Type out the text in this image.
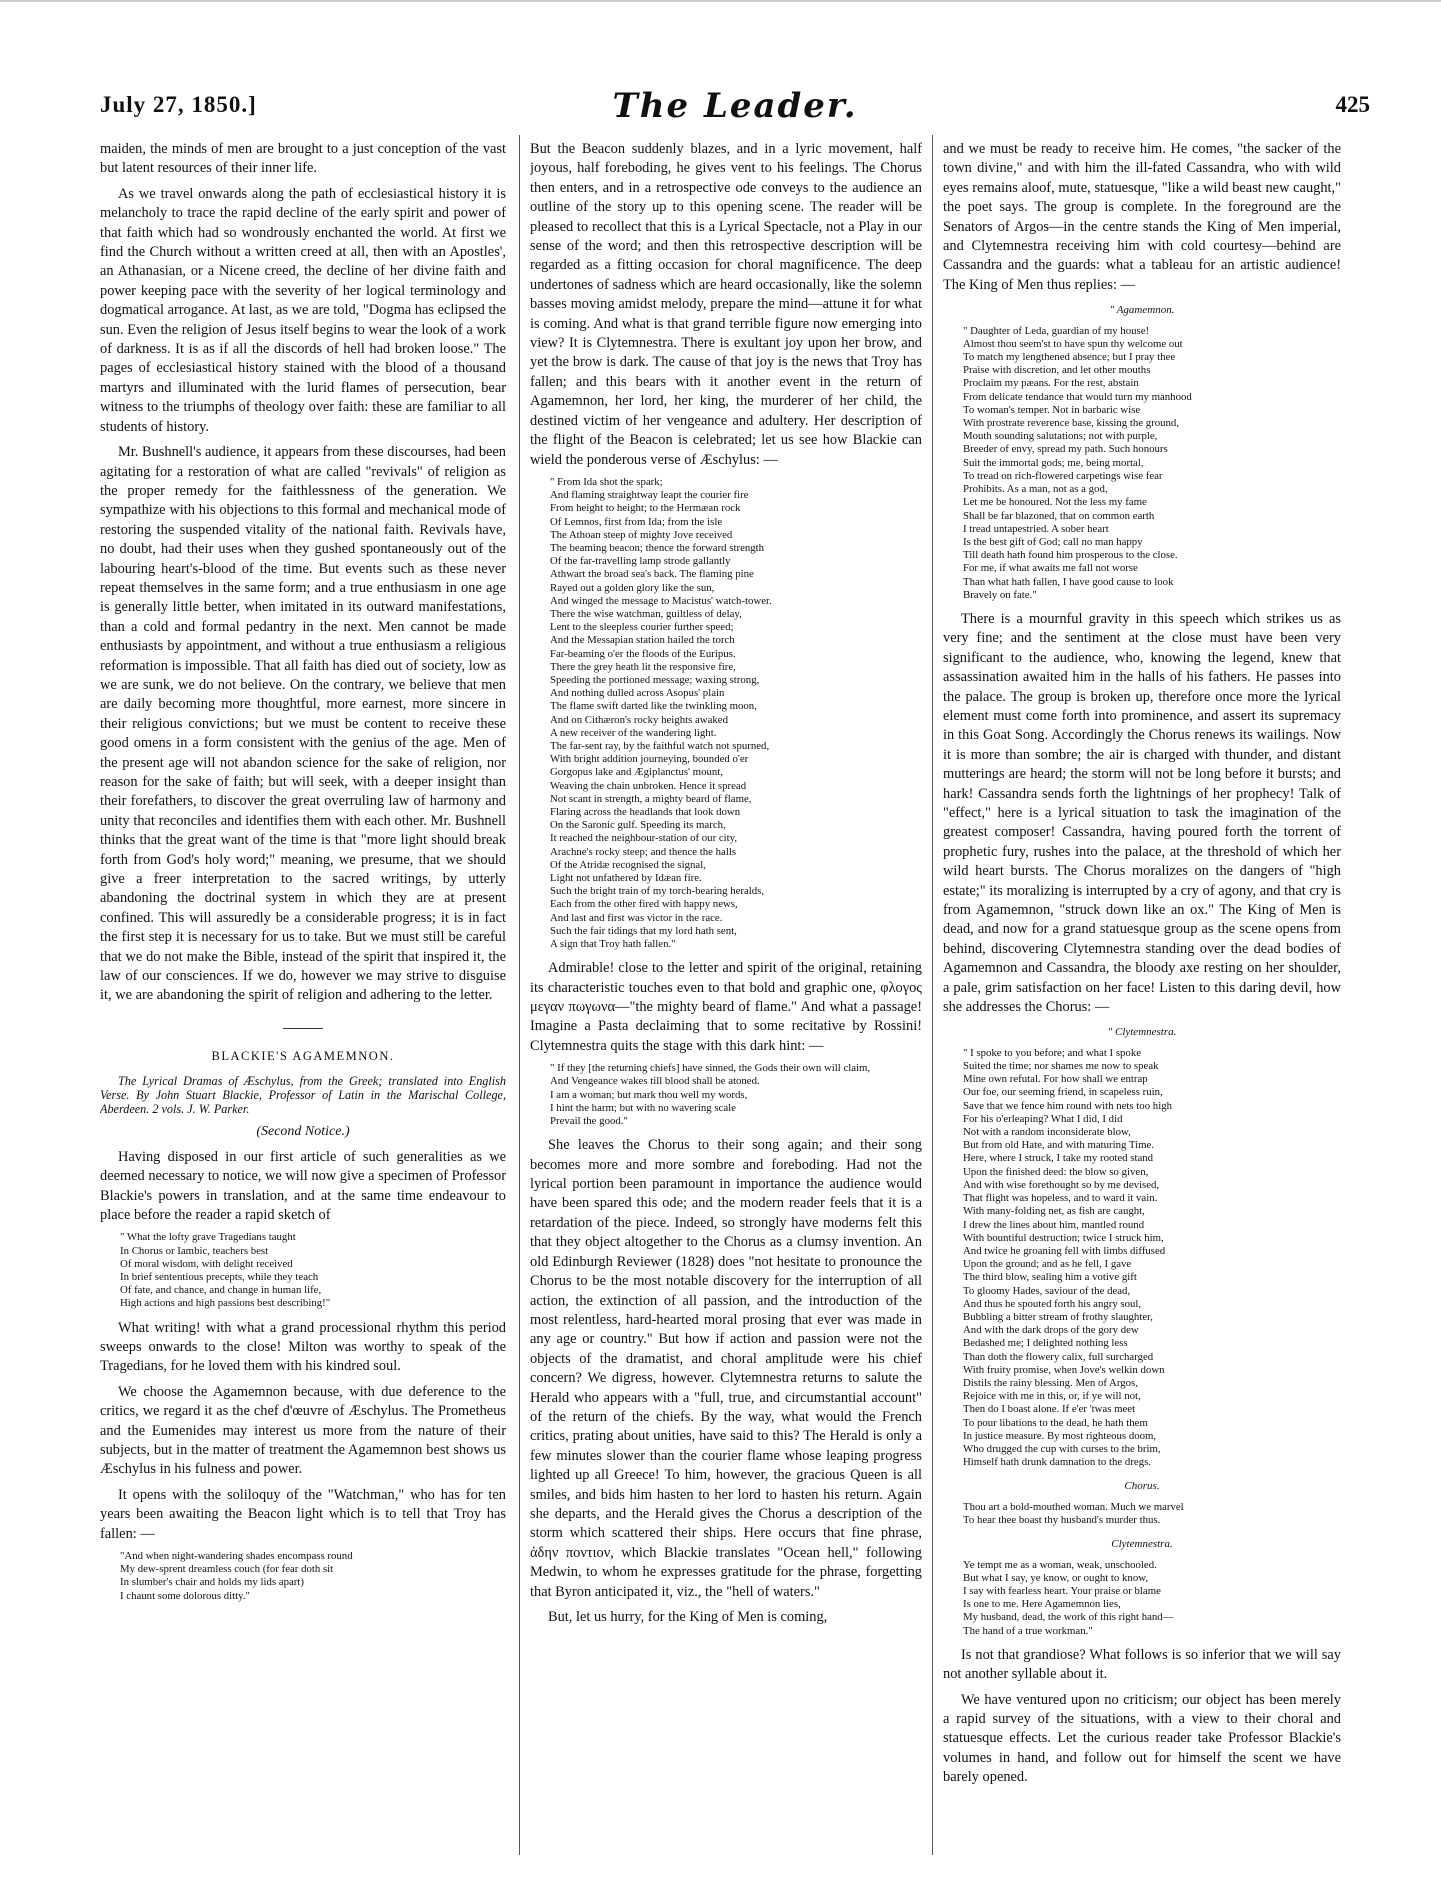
July 27, 1850.]	The Leader.	425

maiden, the minds of men are brought to a just conception of the vast but latent resources of their inner life.

As we travel onwards along the path of ecclesiastical history it is melancholy to trace the rapid decline of the early spirit and power of that faith which had so wondrously enchanted the world. At first we find the Church without a written creed at all, then with an Apostles', an Athanasian, or a Nicene creed, the decline of her divine faith and power keeping pace with the severity of her logical terminology and dogmatical arrogance. At last, as we are told, "Dogma has eclipsed the sun. Even the religion of Jesus itself begins to wear the look of a work of darkness. It is as if all the discords of hell had broken loose." The pages of ecclesiastical history stained with the blood of a thousand martyrs and illuminated with the lurid flames of persecution, bear witness to the triumphs of theology over faith: these are familiar to all students of history.

Mr. Bushnell's audience, it appears from these discourses, had been agitating for a restoration of what are called "revivals" of religion as the proper remedy for the faithlessness of the generation. We sympathize with his objections to this formal and mechanical mode of restoring the suspended vitality of the national faith. Revivals have, no doubt, had their uses when they gushed spontaneously out of the labouring heart's-blood of the time. But events such as these never repeat themselves in the same form; and a true enthusiasm in one age is generally little better, when imitated in its outward manifestations, than a cold and formal pedantry in the next. Men cannot be made enthusiasts by appointment, and without a true enthusiasm a religious reformation is impossible. That all faith has died out of society, low as we are sunk, we do not believe. On the contrary, we believe that men are daily becoming more thoughtful, more earnest, more sincere in their religious convictions; but we must be content to receive these good omens in a form consistent with the genius of the age. Men of the present age will not abandon science for the sake of religion, nor reason for the sake of faith; but will seek, with a deeper insight than their forefathers, to discover the great overruling law of harmony and unity that reconciles and identifies them with each other. Mr. Bushnell thinks that the great want of the time is that "more light should break forth from God's holy word;" meaning, we presume, that we should give a freer interpretation to the sacred writings, by utterly abandoning the doctrinal system in which they are at present confined. This will assuredly be a considerable progress; it is in fact the first step it is necessary for us to take. But we must still be careful that we do not make the Bible, instead of the spirit that inspired it, the law of our consciences. If we do, however we may strive to disguise it, we are abandoning the spirit of religion and adhering to the letter.

BLACKIE'S AGAMEMNON.

The Lyrical Dramas of Æschylus, from the Greek; translated into English Verse. By John Stuart Blackie, Professor of Latin in the Marischal College, Aberdeen. 2 vols. J. W. Parker.

(Second Notice.)

Having disposed in our first article of such generalities as we deemed necessary to notice, we will now give a specimen of Professor Blackie's powers in translation, and at the same time endeavour to place before the reader a rapid sketch of

" What the lofty grave Tragedians taught
In Chorus or Iambic, teachers best
Of moral wisdom, with delight received
In brief sententious precepts, while they teach
Of fate, and chance, and change in human life,
High actions and high passions best describing!"

What writing! with what a grand processional rhythm this period sweeps onwards to the close! Milton was worthy to speak of the Tragedians, for he loved them with his kindred soul.

We choose the Agamemnon because, with due deference to the critics, we regard it as the chef d'œuvre of Æschylus. The Prometheus and the Eumenides may interest us more from the nature of their subjects, but in the matter of treatment the Agamemnon best shows us Æschylus in his fulness and power.

It opens with the soliloquy of the "Watchman," who has for ten years been awaiting the Beacon light which is to tell that Troy has fallen: —

"And when night-wandering shades encompass round
My dew-sprent dreamless couch (for fear doth sit
In slumber's chair and holds my lids apart)
I chaunt some dolorous ditty."

But the Beacon suddenly blazes, and in a lyric movement, half joyous, half foreboding, he gives vent to his feelings. The Chorus then enters, and in a retrospective ode conveys to the audience an outline of the story up to this opening scene. The reader will be pleased to recollect that this is a Lyrical Spectacle, not a Play in our sense of the word; and then this retrospective description will be regarded as a fitting occasion for choral magnificence. The deep undertones of sadness which are heard occasionally, like the solemn basses moving amidst melody, prepare the mind—attune it for what is coming. And what is that grand terrible figure now emerging into view? It is Clytemnestra. There is exultant joy upon her brow, and yet the brow is dark. The cause of that joy is the news that Troy has fallen; and this bears with it another event in the return of Agamemnon, her lord, her king, the murderer of her child, the destined victim of her vengeance and adultery. Her description of the flight of the Beacon is celebrated; let us see how Blackie can wield the ponderous verse of Æschylus: —

" From Ida shot the spark;
And flaming straightway leapt the courier fire
From height to height; to the Hermæan rock
Of Lemnos, first from Ida; from the isle
The Athoan steep of mighty Jove received
The beaming beacon; thence the forward strength
Of the far-travelling lamp strode gallantly
Athwart the broad sea's back. The flaming pine
Rayed out a golden glory like the sun,
And winged the message to Macistus' watch-tower.
There the wise watchman, guiltless of delay,
Lent to the sleepless courier further speed;
And the Messapian station hailed the torch
Far-beaming o'er the floods of the Euripus.
There the grey heath lit the responsive fire,
Speeding the portioned message; waxing strong,
And nothing dulled across Asopus' plain
The flame swift darted like the twinkling moon,
And on Cithæron's rocky heights awaked
A new receiver of the wandering light.
The far-sent ray, by the faithful watch not spurned,
With bright addition journeying, bounded o'er
Gorgopus lake and Ægiplanctus' mount,
Weaving the chain unbroken. Hence it spread
Not scant in strength, a mighty beard of flame,
Flaring across the headlands that look down
On the Saronic gulf. Speeding its march,
It reached the neighbour-station of our city,
Arachne's rocky steep; and thence the halls
Of the Atridæ recognised the signal,
Light not unfathered by Idæan fire.
Such the bright train of my torch-bearing heralds,
Each from the other fired with happy news,
And last and first was victor in the race.
Such the fair tidings that my lord hath sent,
A sign that Troy hath fallen."

Admirable! close to the letter and spirit of the original, retaining its characteristic touches even to that bold and graphic one, φλογος μεγαν πωγωνα—"the mighty beard of flame." And what a passage! Imagine a Pasta declaiming that to some recitative by Rossini! Clytemnestra quits the stage with this dark hint: —

" If they [the returning chiefs] have sinned, the Gods their own will claim,
And Vengeance wakes till blood shall be atoned.
I am a woman; but mark thou well my words,
I hint the harm; but with no wavering scale
Prevail the good."

She leaves the Chorus to their song again; and their song becomes more and more sombre and foreboding. Had not the lyrical portion been paramount in importance the audience would have been spared this ode; and the modern reader feels that it is a retardation of the piece. Indeed, so strongly have moderns felt this that they object altogether to the Chorus as a clumsy invention. An old Edinburgh Reviewer (1828) does "not hesitate to pronounce the Chorus to be the most notable discovery for the interruption of all action, the extinction of all passion, and the introduction of the most relentless, hard-hearted moral prosing that ever was made in any age or country." But how if action and passion were not the objects of the dramatist, and choral amplitude were his chief concern? We digress, however. Clytemnestra returns to salute the Herald who appears with a "full, true, and circumstantial account" of the return of the chiefs. By the way, what would the French critics, prating about unities, have said to this? The Herald is only a few minutes slower than the courier flame whose leaping progress lighted up all Greece! To him, however, the gracious Queen is all smiles, and bids him hasten to her lord to hasten his return. Again she departs, and the Herald gives the Chorus a description of the storm which scattered their ships. Here occurs that fine phrase, ἀδην ποντιον, which Blackie translates "Ocean hell," following Medwin, to whom he expresses gratitude for the phrase, forgetting that Byron anticipated it, viz., the "hell of waters."

But, let us hurry, for the King of Men is coming,

and we must be ready to receive him. He comes, "the sacker of the town divine," and with him the ill-fated Cassandra, who with wild eyes remains aloof, mute, statuesque, "like a wild beast new caught," the poet says. The group is complete. In the foreground are the Senators of Argos—in the centre stands the King of Men imperial, and Clytemnestra receiving him with cold courtesy—behind are Cassandra and the guards: what a tableau for an artistic audience! The King of Men thus replies: —

" Agamemnon.
" Daughter of Leda, guardian of my house!
Almost thou seem'st to have spun thy welcome out
To match my lengthened absence; but I pray thee
Praise with discretion, and let other mouths
Proclaim my pæans. For the rest, abstain
From delicate tendance that would turn my manhood
To woman's temper. Not in barbaric wise
With prostrate reverence base, kissing the ground,
Mouth sounding salutations; not with purple,
Breeder of envy, spread my path. Such honours
Suit the immortal gods; me, being mortal,
To tread on rich-flowered carpetings wise fear
Prohibits. As a man, not as a god,
Let me be honoured. Not the less my fame
Shall be far blazoned, that on common earth
I tread untapestried. A sober heart
Is the best gift of God; call no man happy
Till death hath found him prosperous to the close.
For me, if what awaits me fall not worse
Than what hath fallen, I have good cause to look
Bravely on fate."

There is a mournful gravity in this speech which strikes us as very fine; and the sentiment at the close must have been very significant to the audience, who, knowing the legend, knew that assassination awaited him in the halls of his fathers. He passes into the palace. The group is broken up, therefore once more the lyrical element must come forth into prominence, and assert its supremacy in this Goat Song. Accordingly the Chorus renews its wailings. Now it is more than sombre; the air is charged with thunder, and distant mutterings are heard; the storm will not be long before it bursts; and hark! Cassandra sends forth the lightnings of her prophecy! Talk of "effect," here is a lyrical situation to task the imagination of the greatest composer! Cassandra, having poured forth the torrent of prophetic fury, rushes into the palace, at the threshold of which her wild heart bursts. The Chorus moralizes on the dangers of "high estate;" its moralizing is interrupted by a cry of agony, and that cry is from Agamemnon, "struck down like an ox." The King of Men is dead, and now for a grand statuesque group as the scene opens from behind, discovering Clytemnestra standing over the dead bodies of Agamemnon and Cassandra, the bloody axe resting on her shoulder, a pale, grim satisfaction on her face! Listen to this daring devil, how she addresses the Chorus: —

" Clytemnestra.
" I spoke to you before; and what I spoke
Suited the time; nor shames me now to speak
Mine own refutal. For how shall we entrap
Our foe, our seeming friend, in scapeless ruin,
Save that we fence him round with nets too high
For his o'erleaping? What I did, I did
Not with a random inconsiderate blow,
But from old Hate, and with maturing Time.
Here, where I struck, I take my rooted stand
Upon the finished deed: the blow so given,
And with wise forethought so by me devised,
That flight was hopeless, and to ward it vain.
With many-folding net, as fish are caught,
I drew the lines about him, mantled round
With bountiful destruction; twice I struck him,
And twice he groaning fell with limbs diffused
Upon the ground; and as he fell, I gave
The third blow, sealing him a votive gift
To gloomy Hades, saviour of the dead,
And thus he spouted forth his angry soul,
Bubbling a bitter stream of frothy slaughter,
And with the dark drops of the gory dew
Bedashed me; I delighted nothing less
Than doth the flowery calix, full surcharged
With fruity promise, when Jove's welkin down
Distils the rainy blessing. Men of Argos,
Rejoice with me in this, or, if ye will not,
Then do I boast alone. If e'er 'twas meet
To pour libations to the dead, he hath them
In justice measure. By most righteous doom,
Who drugged the cup with curses to the brim,
Himself hath drunk damnation to the dregs.
Chorus.
Thou art a bold-mouthed woman. Much we marvel
To hear thee boast thy husband's murder thus.
Clytemnestra.
Ye tempt me as a woman, weak, unschooled.
But what I say, ye know, or ought to know,
I say with fearless heart. Your praise or blame
Is one to me. Here Agamemnon lies,
My husband, dead, the work of this right hand—
The hand of a true workman."

Is not that grandiose? What follows is so inferior that we will say not another syllable about it.

We have ventured upon no criticism; our object has been merely a rapid survey of the situations, with a view to their choral and statuesque effects. Let the curious reader take Professor Blackie's volumes in hand, and follow out for himself the scent we have barely opened.
